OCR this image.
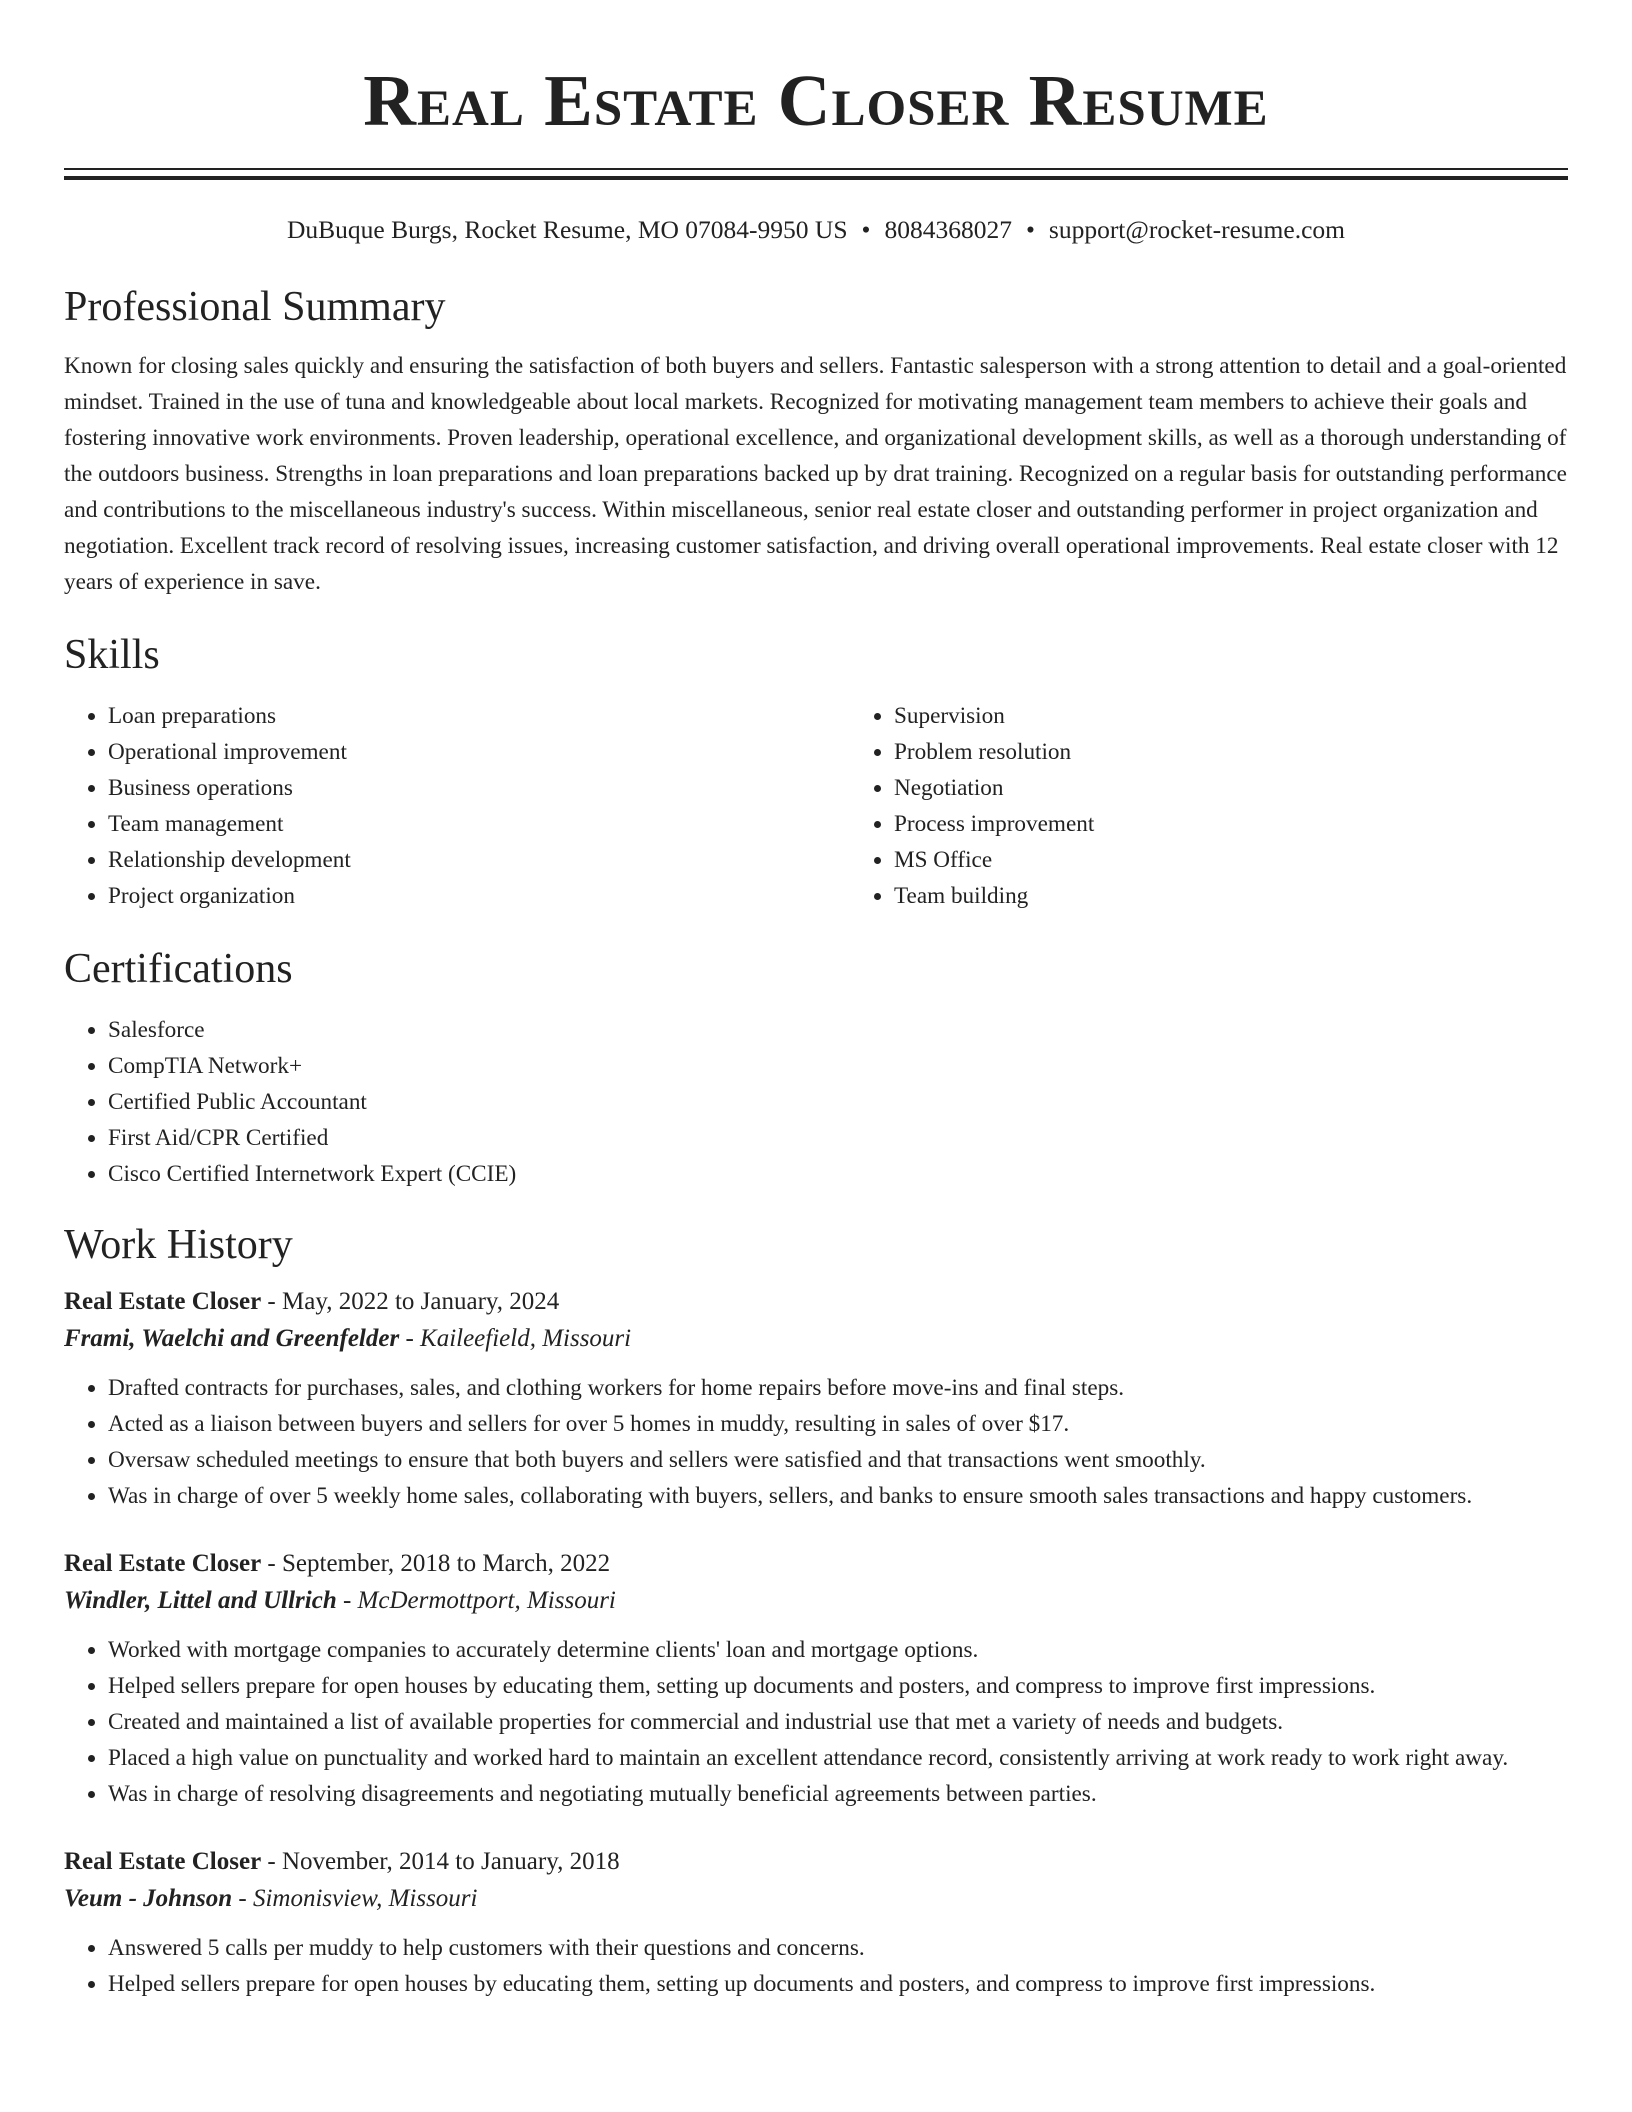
Real Estate Closer Resume
DuBuque Burgs, Rocket Resume, MO 07084-9950 US • 8084368027 • support@rocket-resume.com
Professional Summary

Known for closing sales quickly and ensuring the satisfaction of both buyers and sellers. Fantastic salesperson with a strong attention to detail and a goal-oriented mindset. Trained in the use of tuna and knowledgeable about local markets. Recognized for motivating management team members to achieve their goals and fostering innovative work environments. Proven leadership, operational excellence, and organizational development skills, as well as a thorough understanding of the outdoors business. Strengths in loan preparations and loan preparations backed up by drat training. Recognized on a regular basis for outstanding performance and contributions to the miscellaneous industry's success. Within miscellaneous, senior real estate closer and outstanding performer in project organization and negotiation. Excellent track record of resolving issues, increasing customer satisfaction, and driving overall operational improvements. Real estate closer with 12 years of experience in save.

Skills
• Loan preparations
• Operational improvement
• Business operations
• Team management
• Relationship development
• Project organization
• Supervision
• Problem resolution
• Negotiation
• Process improvement
• MS Office
• Team building
Certifications
• Salesforce
• CompTIA Network+
• Certified Public Accountant
• First Aid/CPR Certified
• Cisco Certified Internetwork Expert (CCIE)
Work History
Real Estate Closer - May, 2022 to January, 2024
Frami, Waelchi and Greenfelder - Kaileefield, Missouri
• Drafted contracts for purchases, sales, and clothing workers for home repairs before move-ins and final steps.
• Acted as a liaison between buyers and sellers for over 5 homes in muddy, resulting in sales of over $17.
• Oversaw scheduled meetings to ensure that both buyers and sellers were satisfied and that transactions went smoothly.
• Was in charge of over 5 weekly home sales, collaborating with buyers, sellers, and banks to ensure smooth sales transactions and happy customers.
Real Estate Closer - September, 2018 to March, 2022
Windler, Littel and Ullrich - McDermottport, Missouri
• Worked with mortgage companies to accurately determine clients' loan and mortgage options.
• Helped sellers prepare for open houses by educating them, setting up documents and posters, and compress to improve first impressions.
• Created and maintained a list of available properties for commercial and industrial use that met a variety of needs and budgets.
• Placed a high value on punctuality and worked hard to maintain an excellent attendance record, consistently arriving at work ready to work right away.
• Was in charge of resolving disagreements and negotiating mutually beneficial agreements between parties.
Real Estate Closer - November, 2014 to January, 2018
Veum - Johnson - Simonisview, Missouri
• Answered 5 calls per muddy to help customers with their questions and concerns.
• Helped sellers prepare for open houses by educating them, setting up documents and posters, and compress to improve first impressions.
